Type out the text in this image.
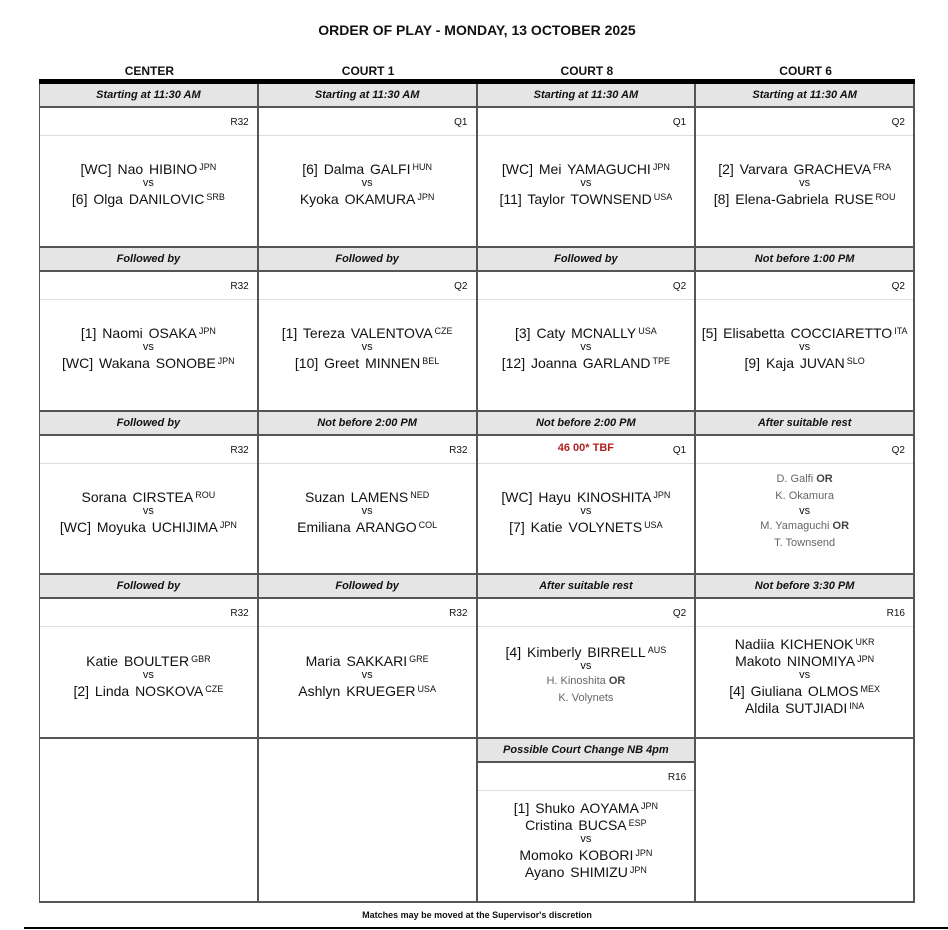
ORDER OF PLAY - MONDAY, 13 OCTOBER 2025
CENTER	COURT 1	COURT 8	COURT 6
Starting at 11:30 AM
R32
[WC] Nao HIBINO $^{JPN}$
vs
[6] Olga DANILOVIC $^{SRB}$
Starting at 11:30 AM
Q1
[6] Dalma GALFI $^{HUN}$
vs
Kyoka OKAMURA $^{JPN}$
Starting at 11:30 AM
Q1
[WC] Mei YAMAGUCHI $^{JPN}$
vs
[11] Taylor TOWNSEND $^{USA}$
Starting at 11:30 AM
Q2
[2] Varvara GRACHEVA $^{FRA}$
vs
[8] Elena-Gabriela RUSE $^{ROU}$
Followed by
R32
[1] Naomi OSAKA $^{JPN}$
vs
[WC] Wakana SONOBE $^{JPN}$
Followed by
Q2
[1] Tereza VALENTOVA $^{CZE}$
vs
[10] Greet MINNEN $^{BEL}$
Followed by
Q2
[3] Caty MCNALLY $^{USA}$
vs
[12] Joanna GARLAND $^{TPE}$
Not before 1:00 PM
Q2
[5] Elisabetta COCCIARETTO $^{ITA}$
vs
[9] Kaja JUVAN $^{SLO}$
Followed by
R32
Sorana CIRSTEA $^{ROU}$
vs
[WC] Moyuka UCHIJIMA $^{JPN}$
Not before 2:00 PM
R32
Suzan LAMENS $^{NED}$
vs
Emiliana ARANGO $^{COL}$
Not before 2:00 PM
46 00* TBF	Q1
[WC] Hayu KINOSHITA $^{JPN}$
vs
[7] Katie VOLYNETS $^{USA}$
After suitable rest
Q2
D. Galfi OR
K. Okamura
vs
M. Yamaguchi OR
T. Townsend
Followed by
R32
Katie BOULTER $^{GBR}$
vs
[2] Linda NOSKOVA $^{CZE}$
Followed by
R32
Maria SAKKARI $^{GRE}$
vs
Ashlyn KRUEGER $^{USA}$
After suitable rest
Q2
[4] Kimberly BIRRELL $^{AUS}$
vs
H. Kinoshita OR
K. Volynets
Not before 3:30 PM
R16
Nadiia KICHENOK $^{UKR}$
Makoto NINOMIYA $^{JPN}$
vs
[4] Giuliana OLMOS $^{MEX}$
Aldila SUTJIADI $^{INA}$
Possible Court Change NB 4pm
R16
[1] Shuko AOYAMA $^{JPN}$
Cristina BUCSA $^{ESP}$
vs
Momoko KOBORI $^{JPN}$
Ayano SHIMIZU $^{JPN}$
Matches may be moved at the Supervisor's discretion
